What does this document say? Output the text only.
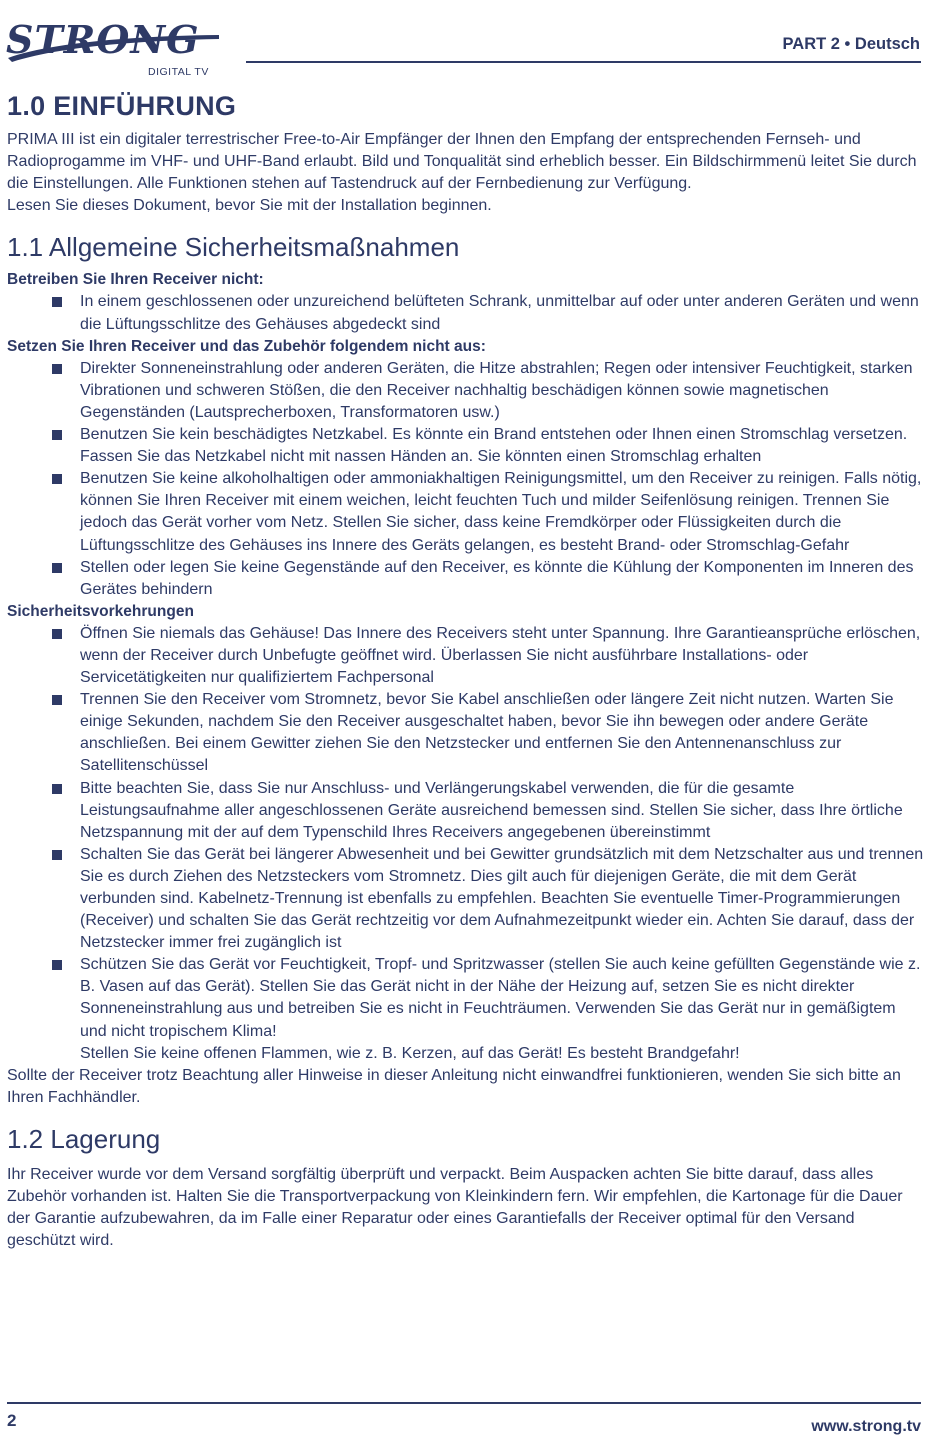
STRONG
DIGITAL TV
PART 2 • Deutsch
1.0 EINFÜHRUNG

PRIMA III ist ein digitaler terrestrischer Free-to-Air Empfänger der Ihnen den Empfang der entsprechenden Fernseh- und Radioprogamme im VHF- und UHF-Band erlaubt. Bild und Tonqualität sind erheblich besser. Ein Bildschirmmenü leitet Sie durch die Einstellungen. Alle Funktionen stehen auf Tastendruck auf der Fernbedienung zur Verfügung.

Lesen Sie dieses Dokument, bevor Sie mit der Installation beginnen.

1.1 Allgemeine Sicherheitsmaßnahmen
Betreiben Sie Ihren Receiver nicht:
In einem geschlossenen oder unzureichend belüfteten Schrank, unmittelbar auf oder unter anderen Geräten und wenn die Lüftungsschlitze des Gehäuses abgedeckt sind
Setzen Sie Ihren Receiver und das Zubehör folgendem nicht aus:
Direkter Sonneneinstrahlung oder anderen Geräten, die Hitze abstrahlen; Regen oder intensiver Feuchtigkeit, starken Vibrationen und schweren Stößen, die den Receiver nachhaltig beschädigen können sowie magnetischen Gegenständen (Lautsprecherboxen, Transformatoren usw.)
Benutzen Sie kein beschädigtes Netzkabel. Es könnte ein Brand entstehen oder Ihnen einen Stromschlag versetzen. Fassen Sie das Netzkabel nicht mit nassen Händen an. Sie könnten einen Stromschlag erhalten
Benutzen Sie keine alkoholhaltigen oder ammoniakhaltigen Reinigungsmittel, um den Receiver zu reinigen. Falls nötig, können Sie Ihren Receiver mit einem weichen, leicht feuchten Tuch und milder Seifenlösung reinigen. Trennen Sie jedoch das Gerät vorher vom Netz. Stellen Sie sicher, dass keine Fremdkörper oder Flüssigkeiten durch die Lüftungsschlitze des Gehäuses ins Innere des Geräts gelangen, es besteht Brand- oder Stromschlag-Gefahr
Stellen oder legen Sie keine Gegenstände auf den Receiver, es könnte die Kühlung der Komponenten im Inneren des Gerätes behindern
Sicherheitsvorkehrungen
Öffnen Sie niemals das Gehäuse! Das Innere des Receivers steht unter Spannung. Ihre Garantieansprüche erlöschen, wenn der Receiver durch Unbefugte geöffnet wird. Überlassen Sie nicht ausführbare Installations- oder Servicetätigkeiten nur qualifiziertem Fachpersonal
Trennen Sie den Receiver vom Stromnetz, bevor Sie Kabel anschließen oder längere Zeit nicht nutzen. Warten Sie einige Sekunden, nachdem Sie den Receiver ausgeschaltet haben, bevor Sie ihn bewegen oder andere Geräte anschließen. Bei einem Gewitter ziehen Sie den Netzstecker und entfernen Sie den Antennenanschluss zur Satellitenschüssel
Bitte beachten Sie, dass Sie nur Anschluss- und Verlängerungskabel verwenden, die für die gesamte Leistungsaufnahme aller angeschlossenen Geräte ausreichend bemessen sind. Stellen Sie sicher, dass Ihre örtliche Netzspannung mit der auf dem Typenschild Ihres Receivers angegebenen übereinstimmt
Schalten Sie das Gerät bei längerer Abwesenheit und bei Gewitter grundsätzlich mit dem Netzschalter aus und trennen Sie es durch Ziehen des Netzsteckers vom Stromnetz. Dies gilt auch für diejenigen Geräte, die mit dem Gerät verbunden sind. Kabelnetz-Trennung ist ebenfalls zu empfehlen. Beachten Sie eventuelle Timer-Programmierungen (Receiver) und schalten Sie das Gerät rechtzeitig vor dem Aufnahmezeitpunkt wieder ein. Achten Sie darauf, dass der Netzstecker immer frei zugänglich ist
Schützen Sie das Gerät vor Feuchtigkeit, Tropf- und Spritzwasser (stellen Sie auch keine gefüllten Gegenstände wie z. B. Vasen auf das Gerät). Stellen Sie das Gerät nicht in der Nähe der Heizung auf, setzen Sie es nicht direkter Sonneneinstrahlung aus und betreiben Sie es nicht in Feuchträumen. Verwenden Sie das Gerät nur in gemäßigtem und nicht tropischem Klima!
Stellen Sie keine offenen Flammen, wie z. B. Kerzen, auf das Gerät! Es besteht Brandgefahr!

Sollte der Receiver trotz Beachtung aller Hinweise in dieser Anleitung nicht einwandfrei funktionieren, wenden Sie sich bitte an Ihren Fachhändler.

1.2 Lagerung

Ihr Receiver wurde vor dem Versand sorgfältig überprüft und verpackt. Beim Auspacken achten Sie bitte darauf, dass alles Zubehör vorhanden ist. Halten Sie die Transportverpackung von Kleinkindern fern. Wir empfehlen, die Kartonage für die Dauer der Garantie aufzubewahren, da im Falle einer Reparatur oder eines Garantiefalls der Receiver optimal für den Versand geschützt wird.

2	www.strong.tv
